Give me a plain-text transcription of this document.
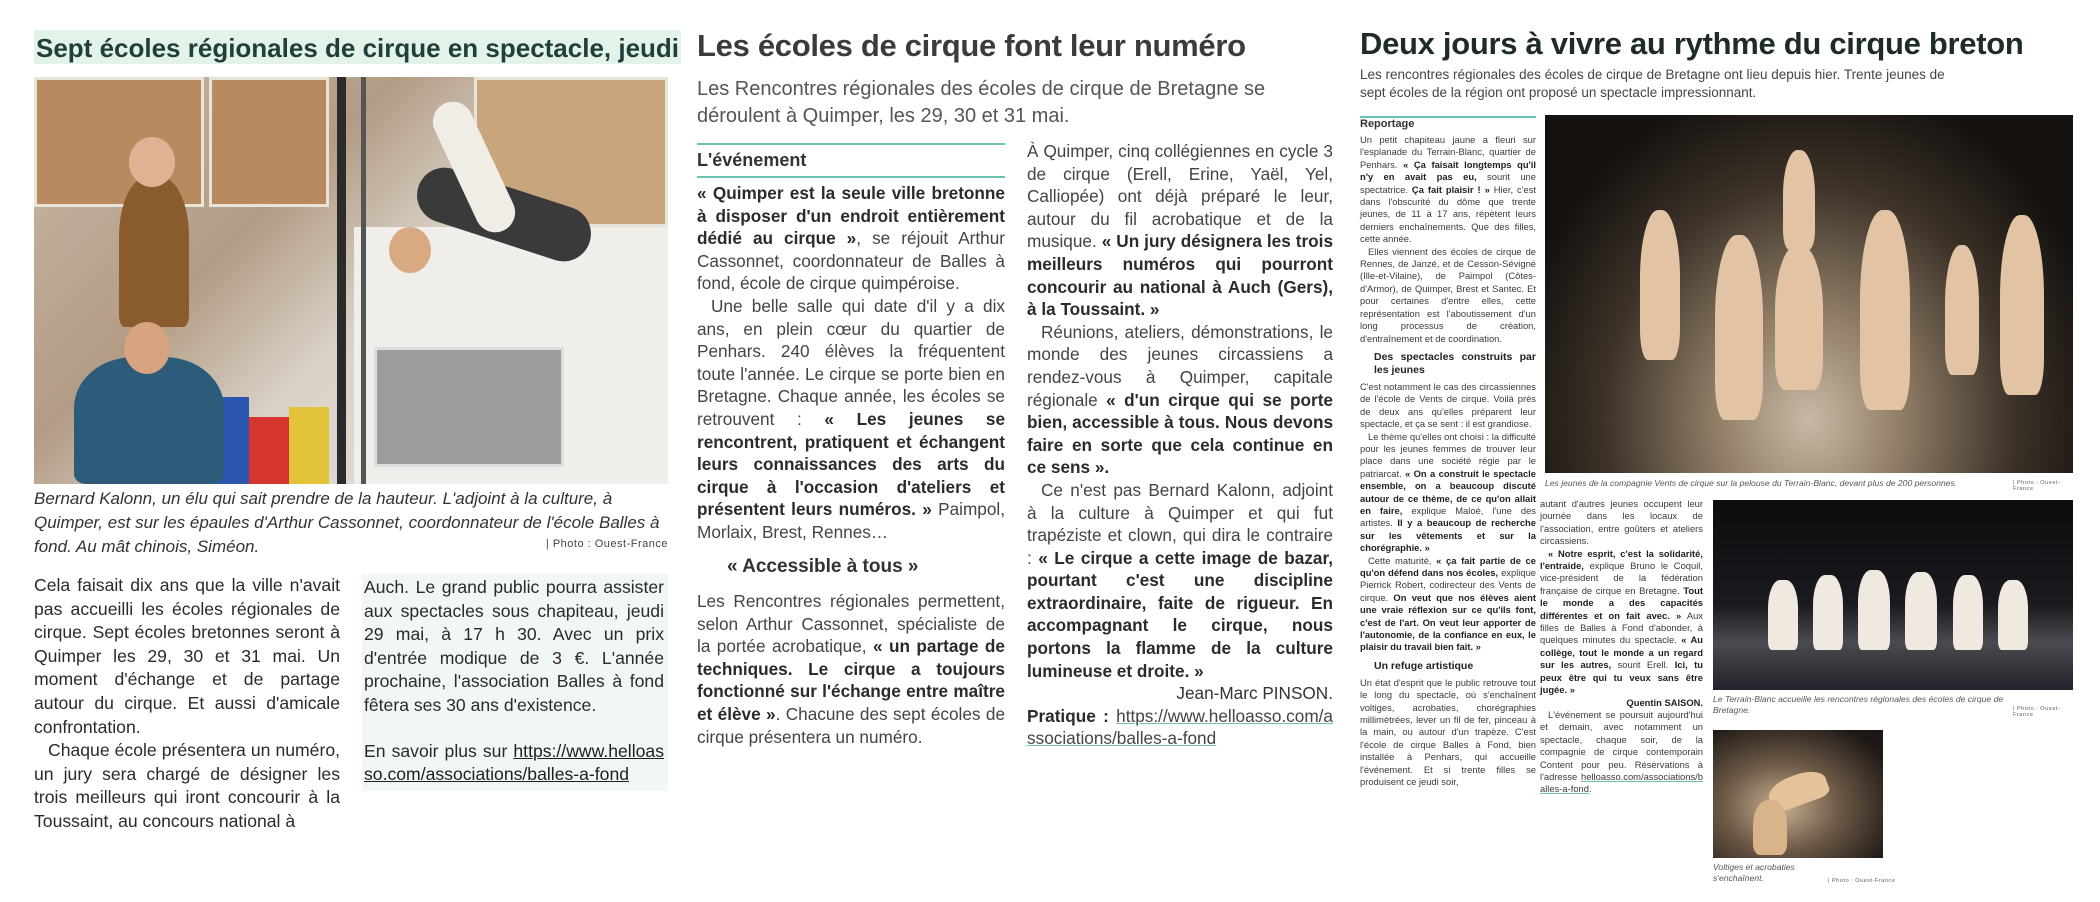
Sept écoles régionales de cirque en spectacle, jeudi

Bernard Kalonn, un élu qui sait prendre de la hauteur. L'adjoint à la culture, à Quimper, est sur les épaules d'Arthur Cassonnet, coordonnateur de l'école Balles à fond. Au mât chinois, Siméon.	| Photo : Ouest-France

Cela faisait dix ans que la ville n'avait pas accueilli les écoles régionales de cirque. Sept écoles bretonnes seront à Quimper les 29, 30 et 31 mai. Un moment d'échange et de partage autour du cirque. Et aussi d'amicale confrontation.

Chaque école présentera un numéro, un jury sera chargé de désigner les trois meilleurs qui iront concourir à la Toussaint, au concours national à

Auch. Le grand public pourra assister aux spectacles sous chapiteau, jeudi 29 mai, à 17 h 30. Avec un prix d'entrée modique de 3 €. L'année prochaine, l'association Balles à fond fêtera ses 30 ans d'existence.

En savoir plus sur https://www.helloasso.com/associations/balles-a-fond

Les écoles de cirque font leur numéro

Les Rencontres régionales des écoles de cirque de Bretagne se déroulent à Quimper, les 29, 30 et 31 mai.

L'événement

« Quimper est la seule ville bretonne à disposer d'un endroit entièrement dédié au cirque », se réjouit Arthur Cassonnet, coordonnateur de Balles à fond, école de cirque quimpéroise.

Une belle salle qui date d'il y a dix ans, en plein cœur du quartier de Penhars. 240 élèves la fréquentent toute l'année. Le cirque se porte bien en Bretagne. Chaque année, les écoles se retrouvent : « Les jeunes se rencontrent, pratiquent et échangent leurs connaissances des arts du cirque à l'occasion d'ateliers et présentent leurs numéros. » Paimpol, Morlaix, Brest, Rennes…

« Accessible à tous »

Les Rencontres régionales permettent, selon Arthur Cassonnet, spécialiste de la portée acrobatique, « un partage de techniques. Le cirque a toujours fonctionné sur l'échange entre maître et élève ». Chacune des sept écoles de cirque présentera un numéro.

À Quimper, cinq collégiennes en cycle 3 de cirque (Erell, Erine, Yaël, Yel, Calliopée) ont déjà préparé le leur, autour du fil acrobatique et de la musique. « Un jury désignera les trois meilleurs numéros qui pourront concourir au national à Auch (Gers), à la Toussaint. »

Réunions, ateliers, démonstrations, le monde des jeunes circassiens a rendez-vous à Quimper, capitale régionale « d'un cirque qui se porte bien, accessible à tous. Nous devons faire en sorte que cela continue en ce sens ».

Ce n'est pas Bernard Kalonn, adjoint à la culture à Quimper et qui fut trapéziste et clown, qui dira le contraire : « Le cirque a cette image de bazar, pourtant c'est une discipline extraordinaire, faite de rigueur. En accompagnant le cirque, nous portons la flamme de la culture lumineuse et droite. »

Jean-Marc PINSON.

Pratique : https://www.helloasso.com/associations/balles-a-fond

Deux jours à vivre au rythme du cirque breton

Les rencontres régionales des écoles de cirque de Bretagne ont lieu depuis hier. Trente jeunes de sept écoles de la région ont proposé un spectacle impressionnant.

Reportage

Un petit chapiteau jaune a fleuri sur l'esplanade du Terrain-Blanc, quartier de Penhars. « Ça faisait longtemps qu'il n'y en avait pas eu, sourit une spectatrice. Ça fait plaisir ! » Hier, c'est dans l'obscurité du dôme que trente jeunes, de 11 à 17 ans, répètent leurs derniers enchaînements. Que des filles, cette année.

Elles viennent des écoles de cirque de Rennes, de Janzé, et de Cesson-Sévigné (Ille-et-Vilaine), de Paimpol (Côtes-d'Armor), de Quimper, Brest et Santec. Et pour certaines d'entre elles, cette représentation est l'aboutissement d'un long processus de création, d'entraînement et de coordination.

Des spectacles construits par les jeunes

C'est notamment le cas des circassiennes de l'école de Vents de cirque. Voilà près de deux ans qu'elles préparent leur spectacle, et ça se sent : il est grandiose.

Le thème qu'elles ont choisi : la difficulté pour les jeunes femmes de trouver leur place dans une société régie par le patriarcat. « On a construit le spectacle ensemble, on a beaucoup discuté autour de ce thème, de ce qu'on allait en faire, explique Maloé, l'une des artistes. Il y a beaucoup de recherche sur les vêtements et sur la chorégraphie. »

Cette maturité, « ça fait partie de ce qu'on défend dans nos écoles, explique Pierrick Robert, codirecteur des Vents de cirque. On veut que nos élèves aient une vraie réflexion sur ce qu'ils font, c'est de l'art. On veut leur apporter de l'autonomie, de la confiance en eux, le plaisir du travail bien fait. »

Un refuge artistique

Un état d'esprit que le public retrouve tout le long du spectacle, où s'enchaînent voltiges, acrobaties, chorégraphies millimétrées, lever un fil de fer, pinceau à la main, ou autour d'un trapèze. C'est l'école de cirque Balles à Fond, bien installée à Penhars, qui accueille l'événement. Et si trente filles se produisent ce jeudi soir,

Les jeunes de la compagnie Vents de cirque sur la pelouse du Terrain-Blanc, devant plus de 200 personnes.	| Photo : Ouest-France

autant d'autres jeunes occupent leur journée dans les locaux de l'association, entre goûters et ateliers circassiens.

« Notre esprit, c'est la solidarité, l'entraide, explique Bruno le Coquil, vice-président de la fédération française de cirque en Bretagne. Tout le monde a des capacités différentes et on fait avec. » Aux filles de Balles à Fond d'abonder, à quelques minutes du spectacle. « Au collège, tout le monde a un regard sur les autres, sourit Erell. Ici, tu peux être qui tu veux sans être jugée. »

Quentin SAISON.

L'événement se poursuit aujourd'hui et demain, avec notamment un spectacle, chaque soir, de la compagnie de cirque contemporain Content pour peu. Réservations à l'adresse helloasso.com/associations/balles-a-fond.

Le Terrain-Blanc accueille les rencontres régionales des écoles de cirque de Bretagne.	| Photo : Ouest-France

Voltiges et acrobaties s'enchaînent.	| Photo : Ouest-France
